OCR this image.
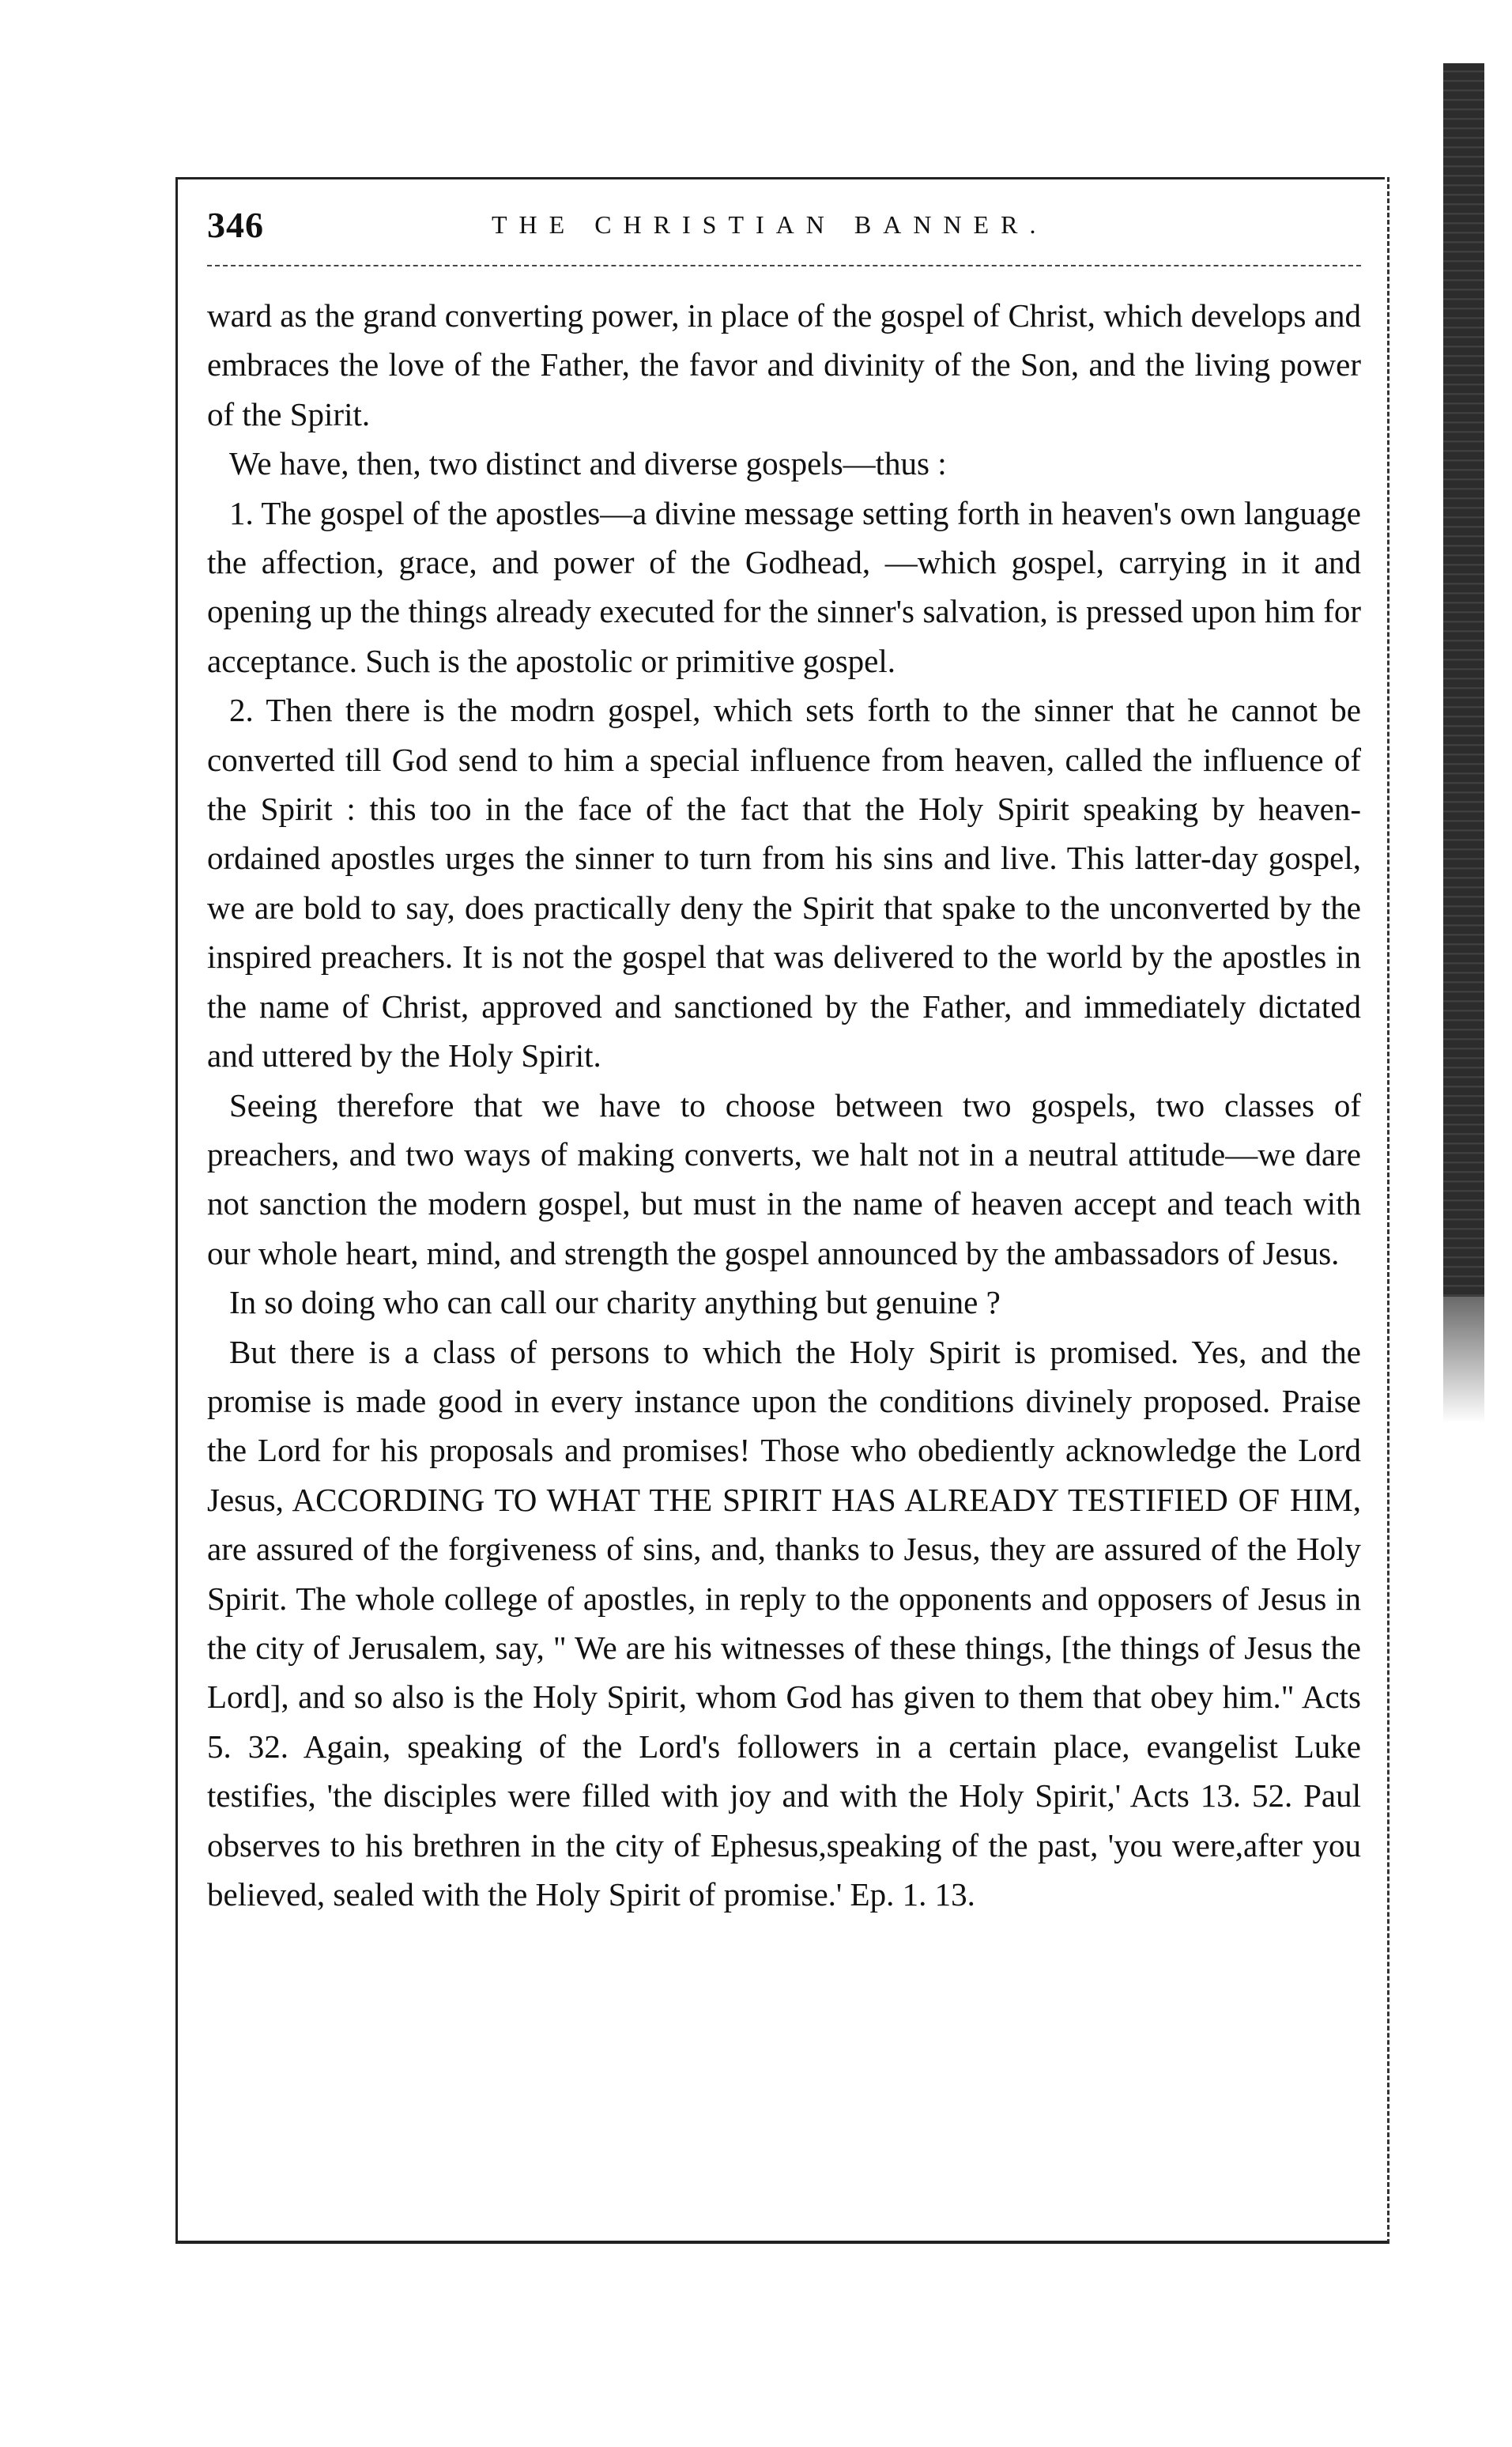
346	THE CHRISTIAN BANNER.

ward as the grand converting power, in place of the gospel of Christ, which develops and embraces the love of the Father, the favor and divinity of the Son, and the living power of the Spirit.

We have, then, two distinct and diverse gospels—thus :

1. The gospel of the apostles—a divine message setting forth in heaven's own language the affection, grace, and power of the Godhead, —which gospel, carrying in it and opening up the things already executed for the sinner's salvation, is pressed upon him for acceptance. Such is the apostolic or primitive gospel.

2. Then there is the modrn gospel, which sets forth to the sinner that he cannot be converted till God send to him a special influence from heaven, called the influence of the Spirit : this too in the face of the fact that the Holy Spirit speaking by heaven-ordained apostles urges the sinner to turn from his sins and live. This latter-day gospel, we are bold to say, does practically deny the Spirit that spake to the unconverted by the inspired preachers. It is not the gospel that was delivered to the world by the apostles in the name of Christ, approved and sanctioned by the Father, and immediately dictated and uttered by the Holy Spirit.

Seeing therefore that we have to choose between two gospels, two classes of preachers, and two ways of making converts, we halt not in a neutral attitude—we dare not sanction the modern gospel, but must in the name of heaven accept and teach with our whole heart, mind, and strength the gospel announced by the ambassadors of Jesus.

In so doing who can call our charity anything but genuine ?

But there is a class of persons to which the Holy Spirit is promised. Yes, and the promise is made good in every instance upon the conditions divinely proposed. Praise the Lord for his proposals and promises! Those who obediently acknowledge the Lord Jesus, ACCORDING TO WHAT THE SPIRIT HAS ALREADY TESTIFIED OF HIM, are assured of the forgiveness of sins, and, thanks to Jesus, they are assured of the Holy Spirit. The whole college of apostles, in reply to the opponents and opposers of Jesus in the city of Jerusalem, say, " We are his witnesses of these things, [the things of Jesus the Lord], and so also is the Holy Spirit, whom God has given to them that obey him." Acts 5. 32. Again, speaking of the Lord's followers in a certain place, evangelist Luke testifies, 'the disciples were filled with joy and with the Holy Spirit,' Acts 13. 52. Paul observes to his brethren in the city of Ephesus,speaking of the past, 'you were,after you believed, sealed with the Holy Spirit of promise.' Ep. 1. 13.
